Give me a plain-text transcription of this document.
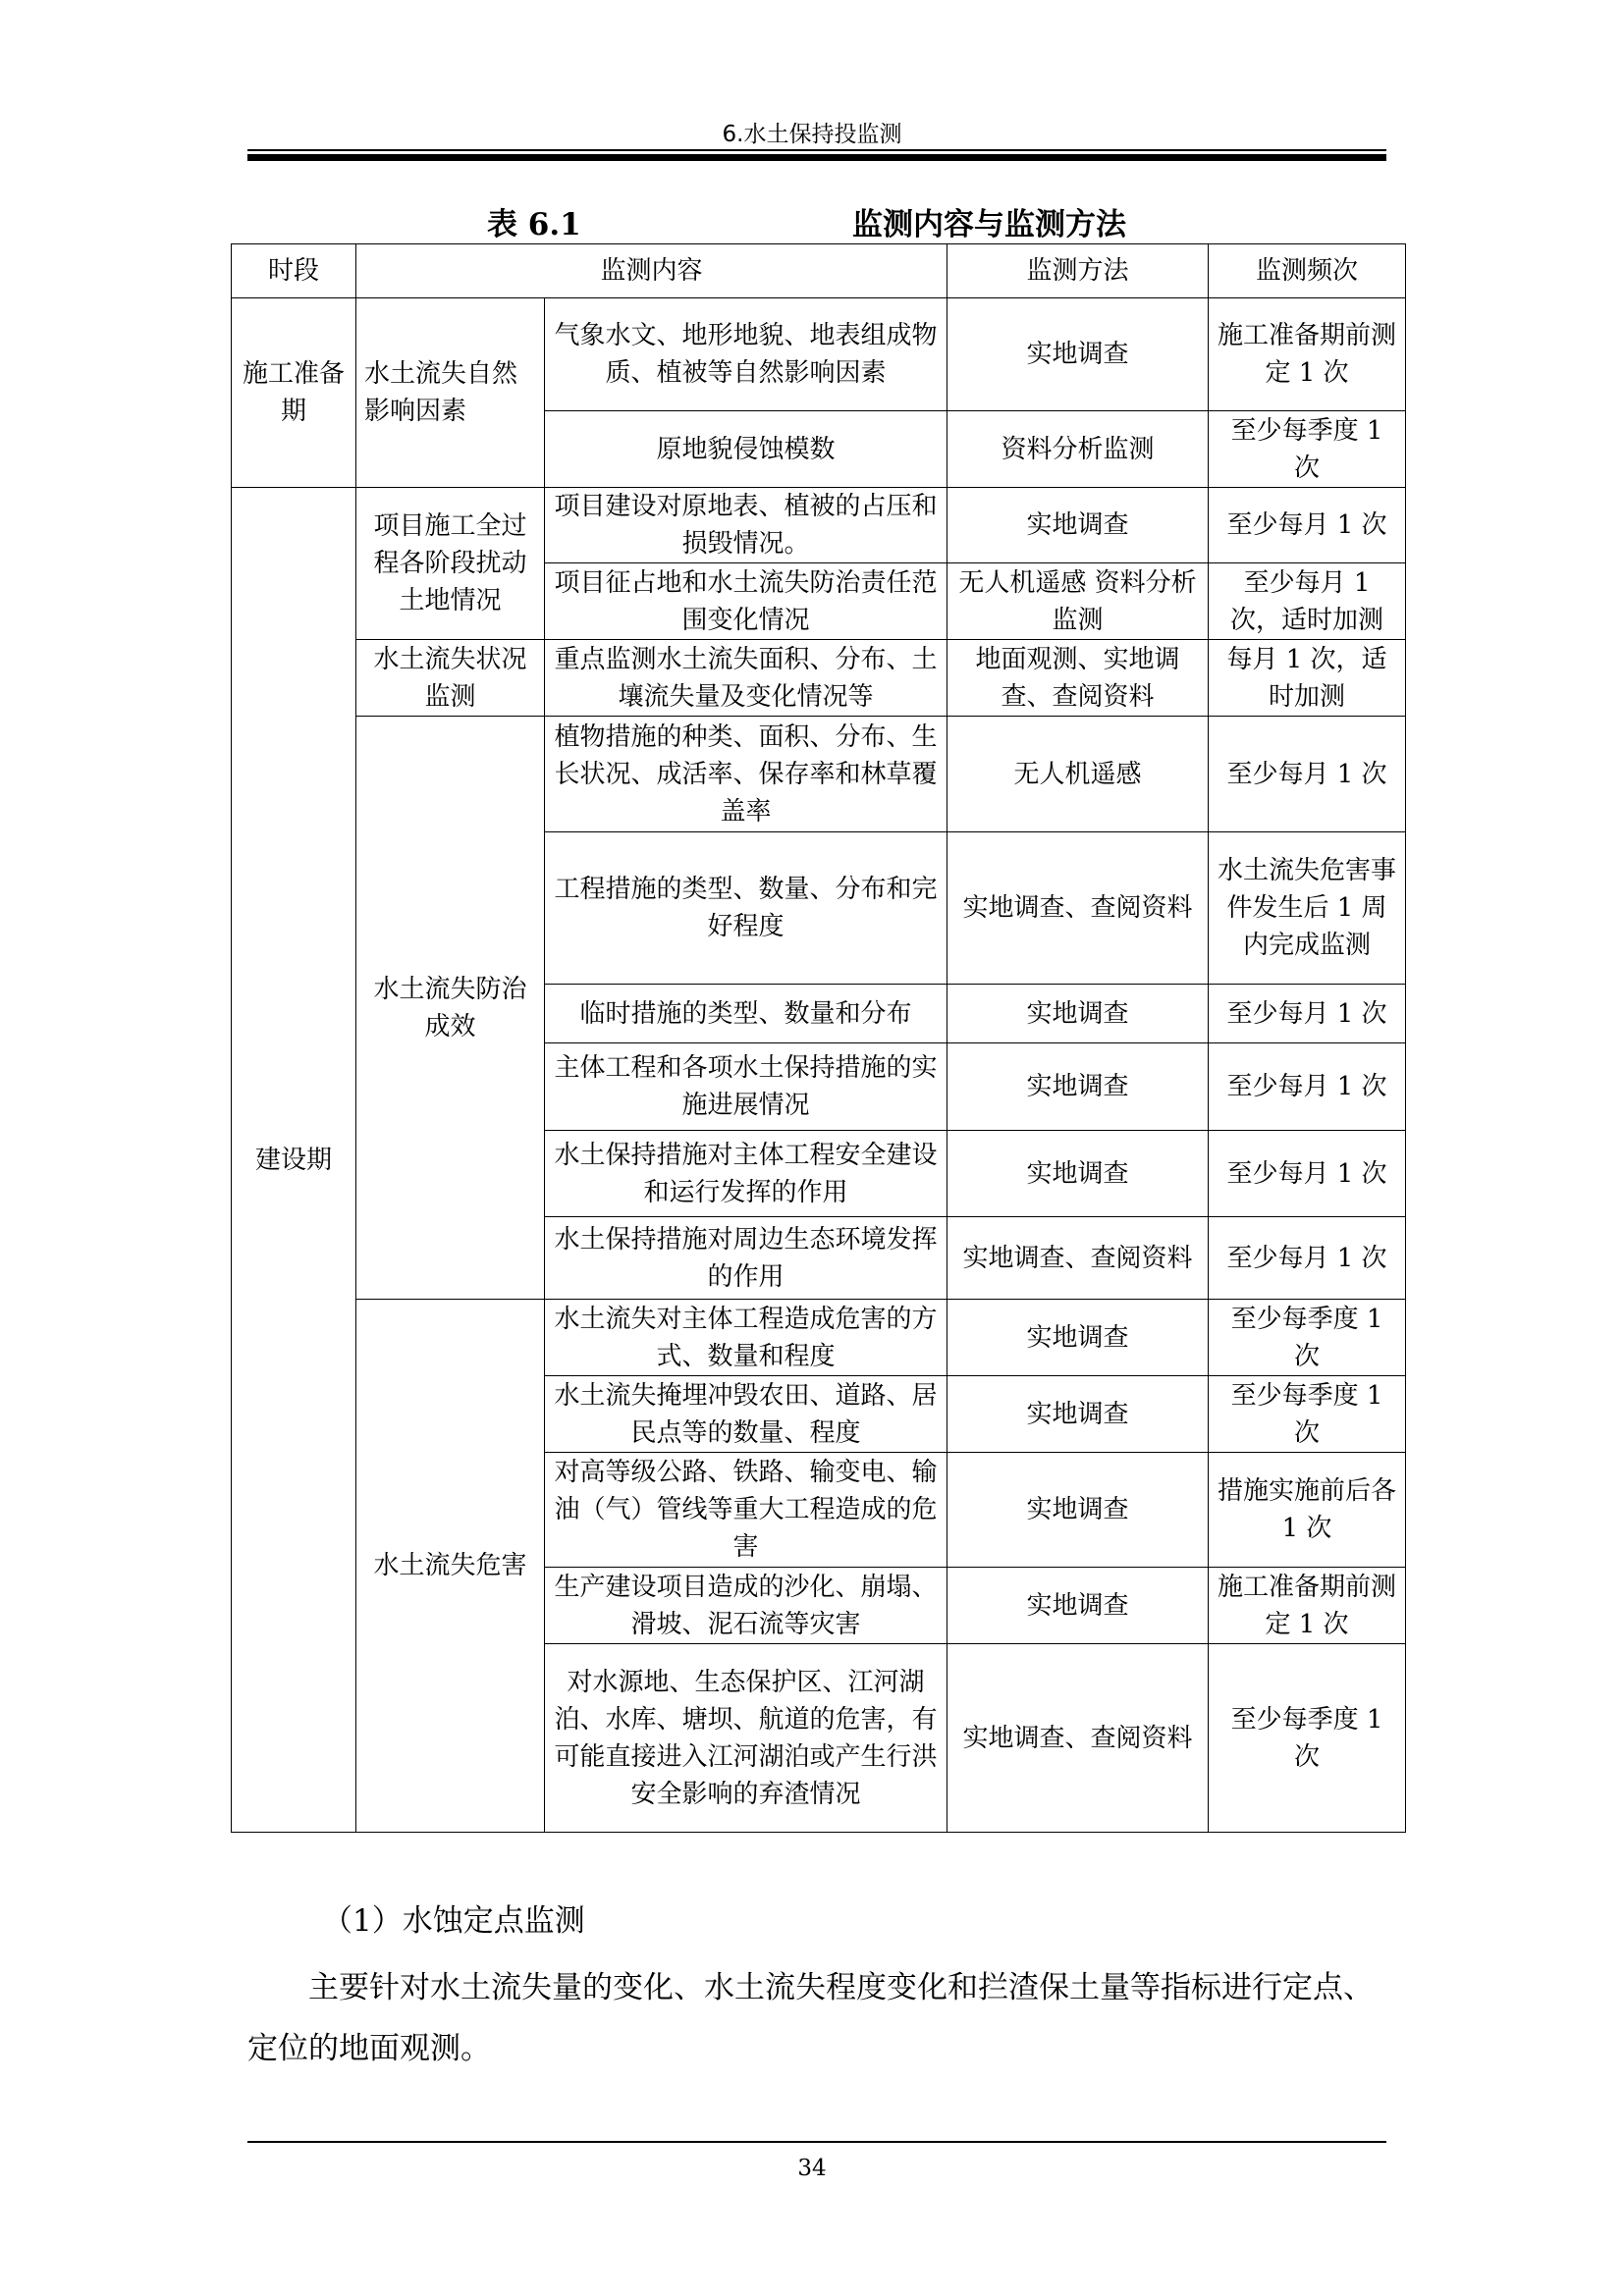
6.水土保持投监测
表 6.1	监测内容与监测方法
时段	监测内容		监测方法	监测频次
施工准备期	水土流失自然影响因素	气象水文、地形地貌、地表组成物质、植被等自然影响因素	实地调查	施工准备期前测定 1 次
		原地貌侵蚀模数	资料分析监测	至少每季度 1 次
建设期	项目施工全过程各阶段扰动土地情况	项目建设对原地表、植被的占压和损毁情况。	实地调查	至少每月 1 次
		项目征占地和水土流失防治责任范围变化情况	无人机遥感 资料分析监测	至少每月 1 次，适时加测
	水土流失状况监测	重点监测水土流失面积、分布、土壤流失量及变化情况等	地面观测、实地调查、查阅资料	每月 1 次，适时加测
	水土流失防治成效	植物措施的种类、面积、分布、生长状况、成活率、保存率和林草覆盖率	无人机遥感	至少每月 1 次
		工程措施的类型、数量、分布和完好程度	实地调查、查阅资料	水土流失危害事件发生后 1 周内完成监测
		临时措施的类型、数量和分布	实地调查	至少每月 1 次
		主体工程和各项水土保持措施的实施进展情况	实地调查	至少每月 1 次
		水土保持措施对主体工程安全建设和运行发挥的作用	实地调查	至少每月 1 次
		水土保持措施对周边生态环境发挥的作用	实地调查、查阅资料	至少每月 1 次
	水土流失危害	水土流失对主体工程造成危害的方式、数量和程度	实地调查	至少每季度 1 次
		水土流失掩埋冲毁农田、道路、居民点等的数量、程度	实地调查	至少每季度 1 次
		对高等级公路、铁路、输变电、输油（气）管线等重大工程造成的危害	实地调查	措施实施前后各 1 次
		生产建设项目造成的沙化、崩塌、滑坡、泥石流等灾害	实地调查	施工准备期前测定 1 次
		对水源地、生态保护区、江河湖泊、水库、塘坝、航道的危害，有可能直接进入江河湖泊或产生行洪安全影响的弃渣情况	实地调查、查阅资料	至少每季度 1 次
（1）水蚀定点监测
主要针对水土流失量的变化、水土流失程度变化和拦渣保土量等指标进行定点、定位的地面观测。
34
